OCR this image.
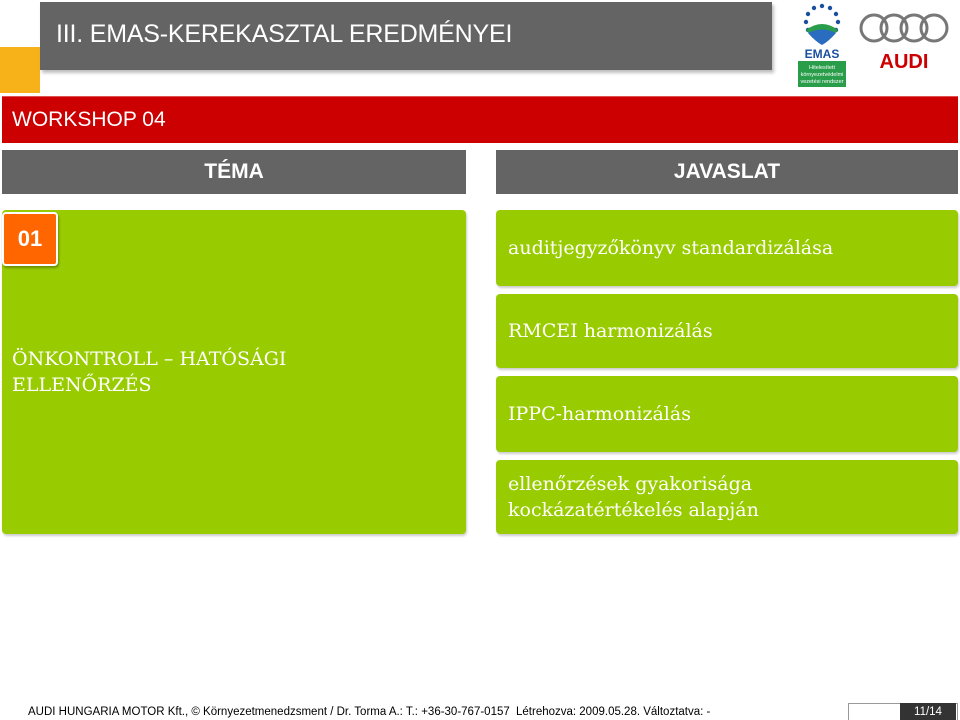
III. EMAS-KEREKASZTAL EREDMÉNYEI
EMAS
Hitelesített
környezetvédelmi
vezetési rendszer
AUDI
WORKSHOP 04
TÉMA	JAVASLAT
01
ÖNKONTROLL – HATÓSÁGI
ELLENŐRZÉS
auditjegyzőkönyv standardizálása
RMCEI harmonizálás
IPPC-harmonizálás
ellenőrzések gyakorisága
kockázatértékelés alapján
AUDI HUNGARIA MOTOR Kft., © Környezetmenedzsment / Dr. Torma A.: T.: +36-30-767-0157 Létrehozva: 2009.05.28. Változtatva: -	11/14
